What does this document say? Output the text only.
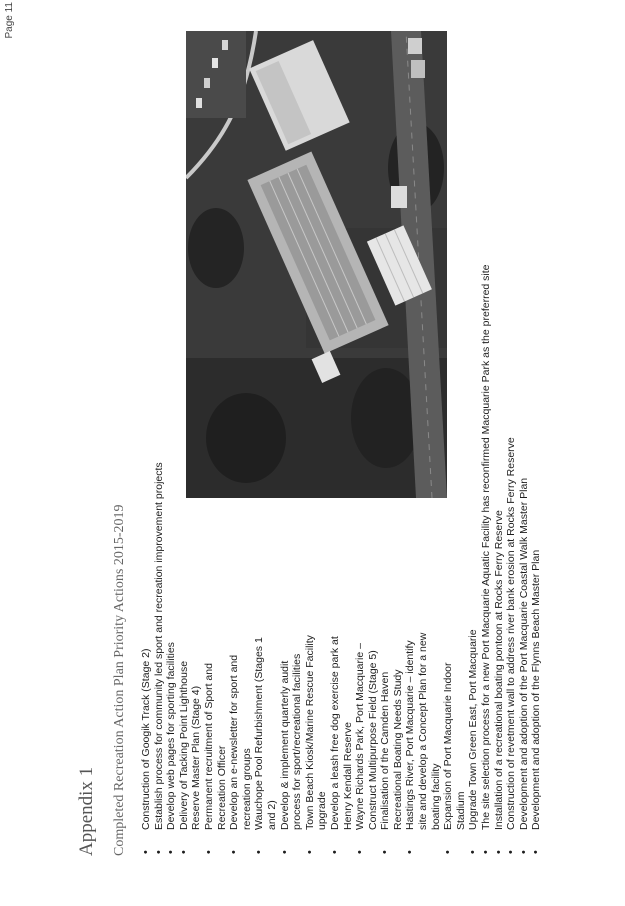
Page 11
Appendix 1 Completed Recreation Action Plan Priority Actions 2015-2019 • Construction of Googik Track (Stage 2) • Establish process for community led sport and recreation improvement projects • Develop web pages for sporting facilities • Delivery of Tacking Point Lighthouse Reserve Master Plan (Stage 4) • Permanent recruitment of Sport and Recreation Officer • Develop an e-newsletter for sport and recreation groups • Wauchope Pool Refurbishment (Stages 1 and 2) • Develop & implement quarterly audit process for sport/recreational facilities • Town Beach Kiosk/Marine Rescue Facility upgrade • Develop a leash free dog exercise park at Henry Kendall Reserve • Wayne Richards Park, Port Macquarie – Construct Multipurpose Field (Stage 5) • Finalisation of the Camden Haven Recreational Boating Needs Study • Hastings River, Port Macquarie – identify site and develop a Concept Plan for a new boating facility • Expansion of Port Macquarie Indoor Stadium • Upgrade Town Green East, Port Macquarie • The site selection process for a new Port Macquarie Aquatic Facility has reconfirmed Macquarie Park as the preferred site • Installation of a recreational boating pontoon at Rocks Ferry Reserve • Construction of revetment wall to address river bank erosion at Rocks Ferry Reserve • Development and adoption of the Port Macquarie Coastal Walk Master Plan • Development and adoption of the Flynns Beach Master Plan
